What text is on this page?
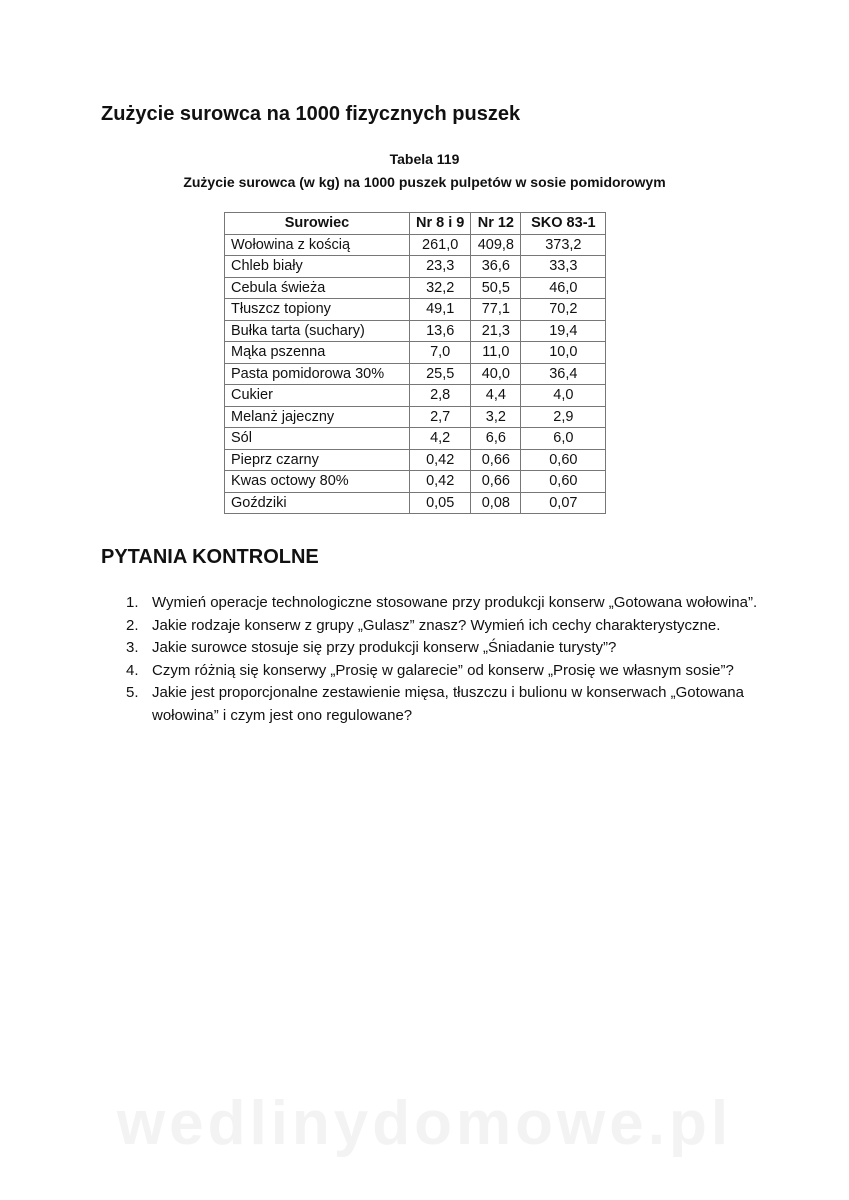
Zużycie surowca na 1000 fizycznych puszek
Tabela 119
Zużycie surowca (w kg) na 1000 puszek pulpetów w sosie pomidorowym
Surowiec	Nr 8 i 9	Nr 12	SKO 83-1
Wołowina z kością	261,0	409,8	373,2
Chleb biały	23,3	36,6	33,3
Cebula świeża	32,2	50,5	46,0
Tłuszcz topiony	49,1	77,1	70,2
Bułka tarta (suchary)	13,6	21,3	19,4
Mąka pszenna	7,0	11,0	10,0
Pasta pomidorowa 30%	25,5	40,0	36,4
Cukier	2,8	4,4	4,0
Melanż jajeczny	2,7	3,2	2,9
Sól	4,2	6,6	6,0
Pieprz czarny	0,42	0,66	0,60
Kwas octowy 80%	0,42	0,66	0,60
Goździki	0,05	0,08	0,07
PYTANIA KONTROLNE
1. Wymień operacje technologiczne stosowane przy produkcji konserw „Gotowana wołowina”.
2. Jakie rodzaje konserw z grupy „Gulasz” znasz? Wymień ich cechy charakterystyczne.
3. Jakie surowce stosuje się przy produkcji konserw „Śniadanie turysty”?
4. Czym różnią się konserwy „Prosię w galarecie” od konserw „Prosię we własnym sosie”?
5. Jakie jest proporcjonalne zestawienie mięsa, tłuszczu i bulionu w konserwach „Gotowana wołowina” i czym jest ono regulowane?
wedlinydomowe.pl
